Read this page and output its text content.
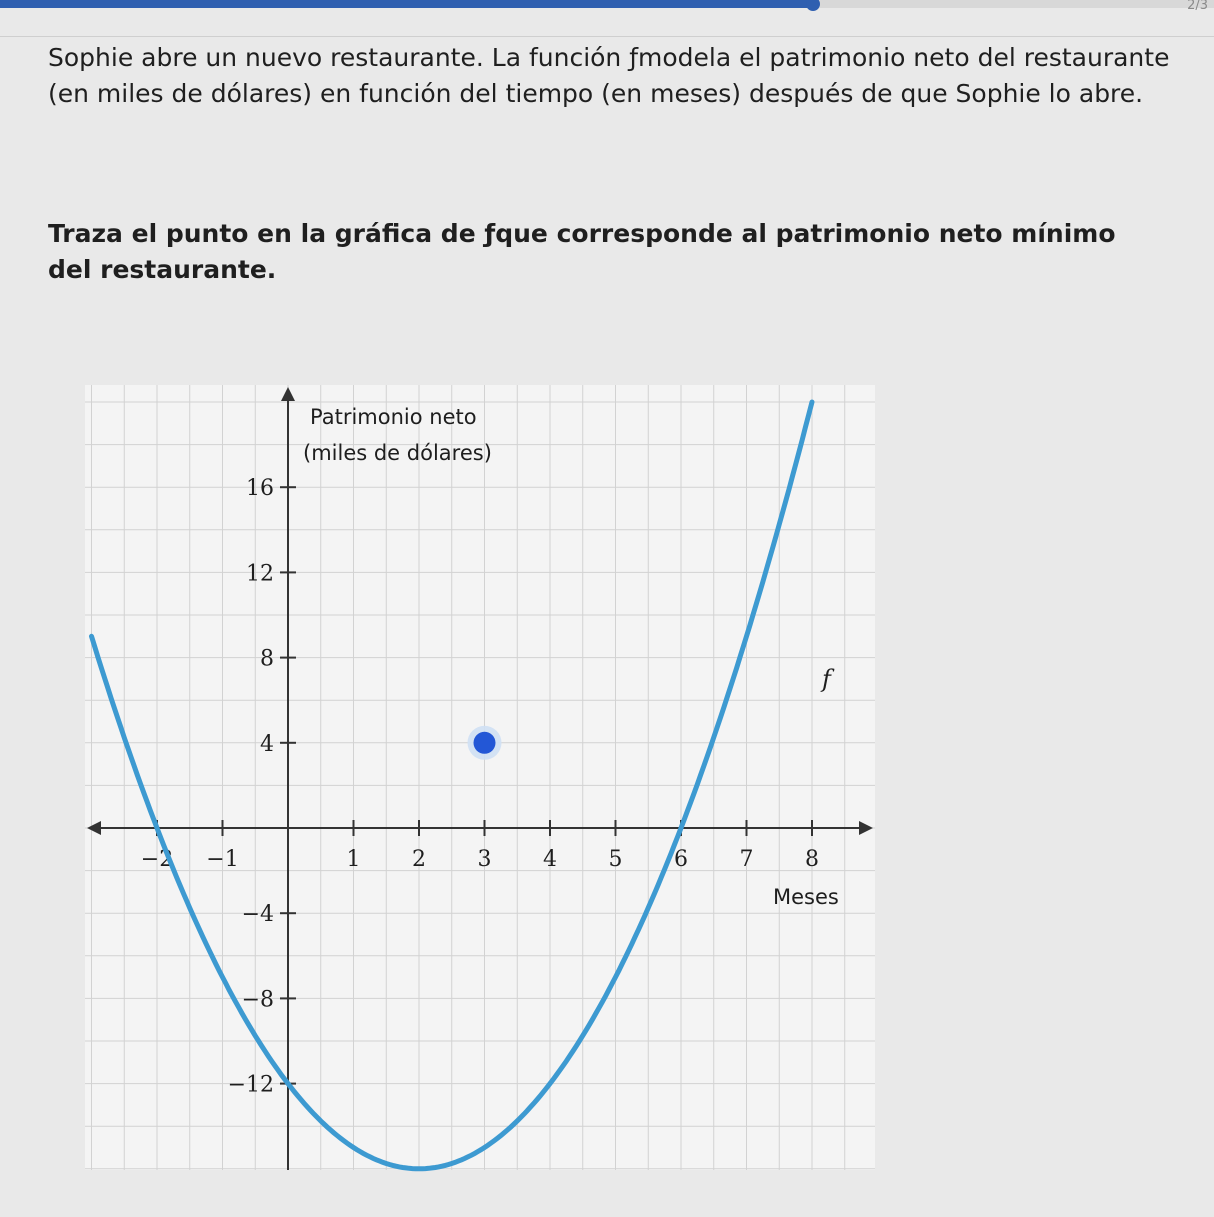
2/3

Sophie abre un nuevo restaurante. La función ƒmodela el patrimonio neto del restaurante (en miles de dólares) en función del tiempo (en meses) después de que Sophie lo abre.

Traza el punto en la gráfica de ƒque corresponde al patrimonio neto mínimo del restaurante.

−2 −1	1 2 3 4 5 6 7 8
16
12
8
4
−4
−8
−12
Patrimonio neto
(miles de dólares)
Meses
f
